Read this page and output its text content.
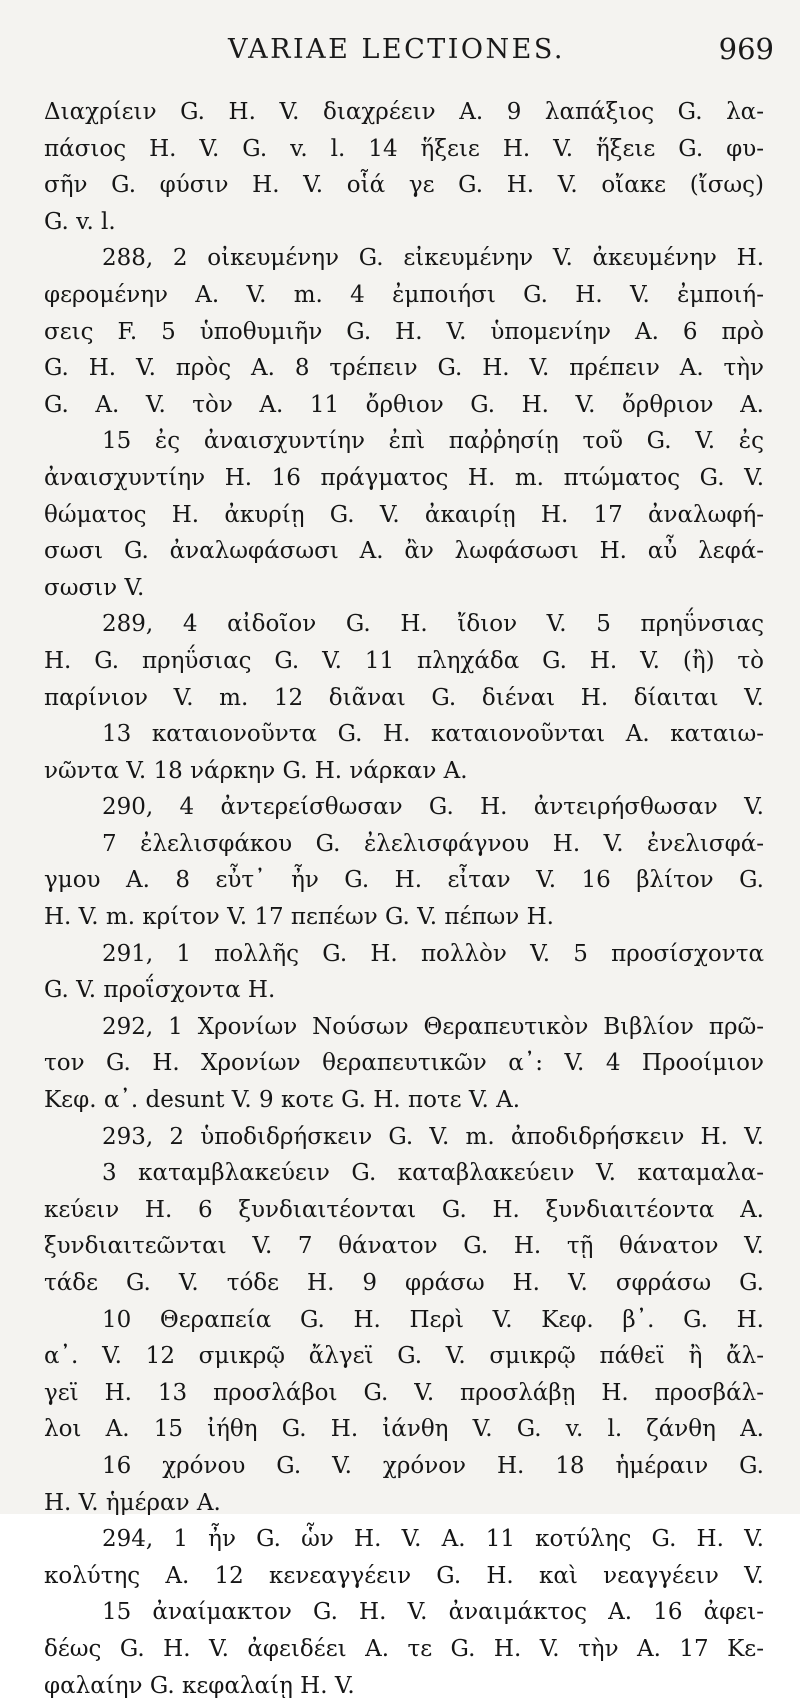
VARIAE LECTIONES.	969
Διαχρίειν G. H. V. διαχρέειν A. 9 λαπάξιος G. λα-
πάσιος H. V. G. v. l. 14 ἥξειε H. V. ἥξειε G. φυ-
σῆν G. φύσιν H. V. οἷά γε G. H. V. οἴακε (ἴσως)
G. v. l.
288, 2 οἰκευμένην G. εἰκευμένην V. ἀκευμένην H.
φερομένην A. V. m. 4 ἐμποιήσι G. H. V. ἐμποιή-
σεις F. 5 ὑποθυμιῆν G. H. V. ὑπομενίην A. 6 πρὸ
G. H. V. πρὸς A. 8 τρέπειν G. H. V. πρέπειν A. τὴν
G. A. V. τὸν A. 11 ὄρθιον G. H. V. ὄρθριον A.
15 ἐς ἀναισχυντίην ἐπὶ παῤῥησίῃ τοῦ G. V. ἐς
ἀναισχυντίην H. 16 πράγματος H. m. πτώματος G. V.
θώματος H. ἀκυρίῃ G. V. ἀκαιρίῃ H. 17 ἀναλωφή-
σωσι G. ἀναλωφάσωσι A. ἂν λωφάσωσι H. αὖ λεφά-
σωσιν V.
289, 4 αἰδοῖον G. H. ἴδιον V. 5 πρηΰνσιας
H. G. πρηΰσιας G. V. 11 πληχάδα G. H. V. (ἢ) τὸ
παρίνιον V. m. 12 διᾶναι G. διέναι H. δίαιται V.
13 καταιονοῦντα G. H. καταιονοῦνται A. καταιω-
νῶντα V. 18 νάρκην G. H. νάρκαν A.
290, 4 ἀντερείσθωσαν G. H. ἀντειρήσθωσαν V.
7 ἐλελισφάκου G. ἐλελισφάγνου H. V. ἐνελισφά-
γμου A. 8 εὖτ᾽ ἦν G. H. εἶταν V. 16 βλίτον G.
H. V. m. κρίτον V. 17 πεπέων G. V. πέπων H.
291, 1 πολλῆς G. H. πολλὸν V. 5 προσίσχοντα
G. V. προΐσχοντα H.
292, 1 Χρονίων Νούσων Θεραπευτικὸν Βιβλίον πρῶ-
τον G. H. Χρονίων θεραπευτικῶν α᾽: V. 4 Προοίμιον
Κεφ. α᾽. desunt V. 9 κοτε G. H. ποτε V. A.
293, 2 ὑποδιδρήσκειν G. V. m. ἀποδιδρήσκειν H. V.
3 καταμβλακεύειν G. καταβλακεύειν V. καταμαλα-
κεύειν H. 6 ξυνδιαιτέονται G. H. ξυνδιαιτέοντα A.
ξυνδιαιτεῶνται V. 7 θάνατον G. H. τῇ θάνατον V.
τάδε G. V. τόδε H. 9 φράσω H. V. σφράσω G.
10 Θεραπεία G. H. Περὶ V. Κεφ. β᾽. G. H.
α᾽. V. 12 σμικρῷ ἄλγεϊ G. V. σμικρῷ πάθεϊ ἢ ἄλ-
γεϊ H. 13 προσλάβοι G. V. προσλάβῃ H. προσβάλ-
λοι A. 15 ἰήθη G. H. ἰάνθη V. G. v. l. ζάνθη A.
16 χρόνου G. V. χρόνον H. 18 ἡμέραιν G.
H. V. ἡμέραν A.
294, 1 ἦν G. ὧν H. V. A. 11 κοτύλης G. H. V.
κολύτης A. 12 κενεαγγέειν G. H. καὶ νεαγγέειν V.
15 ἀναίμακτον G. H. V. ἀναιμάκτος A. 16 ἀφει-
δέως G. H. V. ἀφειδέει A. τε G. H. V. τὴν A. 17 Κε-
φαλαίην G. κεφαλαίῃ H. V.
